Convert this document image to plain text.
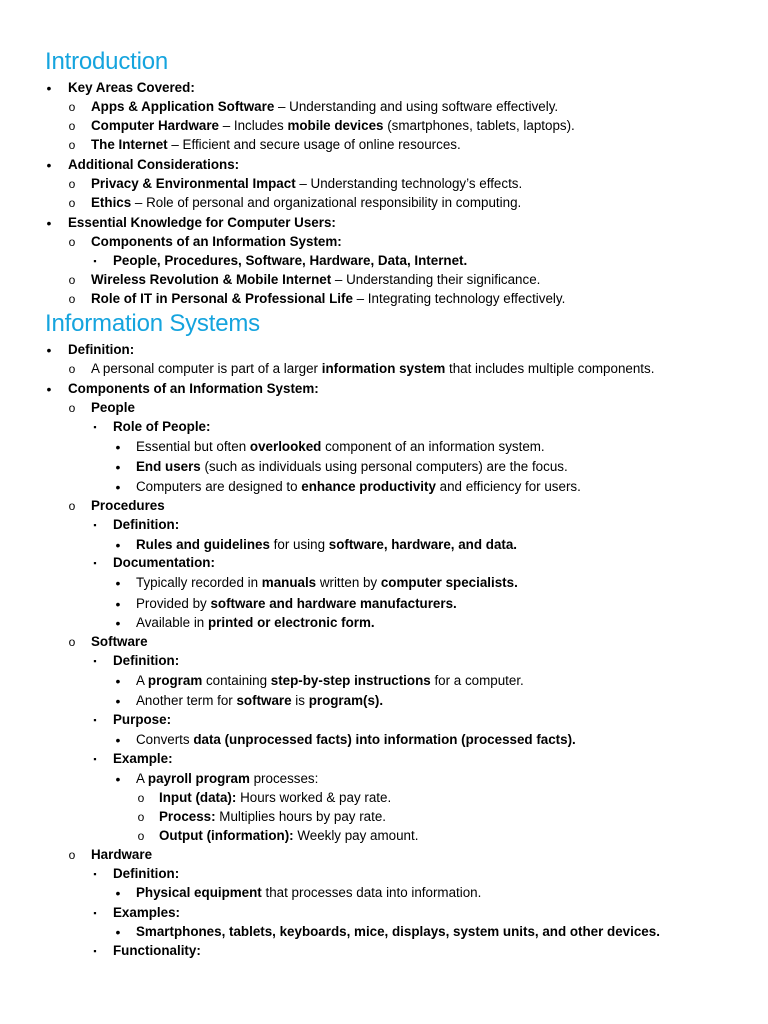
Introduction
•	Key Areas Covered:
o Apps & Application Software – Understanding and using software effectively.
o Computer Hardware – Includes mobile devices (smartphones, tablets, laptops).
o The Internet – Efficient and secure usage of online resources.
•	Additional Considerations:
o Privacy & Environmental Impact – Understanding technology’s effects.
o Ethics – Role of personal and organizational responsibility in computing.
•	Essential Knowledge for Computer Users:
o Components of an Information System:
▪	People, Procedures, Software, Hardware, Data, Internet.
o Wireless Revolution & Mobile Internet – Understanding their significance.
o Role of IT in Personal & Professional Life – Integrating technology effectively.
Information Systems
•	Definition:
o A personal computer is part of a larger information system that includes multiple components.
•	Components of an Information System:
o People
▪	Role of People:
•	Essential but often overlooked component of an information system.
•	End users (such as individuals using personal computers) are the focus.
•	Computers are designed to enhance productivity and efficiency for users.
o Procedures
▪	Definition:
•	Rules and guidelines for using software, hardware, and data.
▪	Documentation:
•	Typically recorded in manuals written by computer specialists.
•	Provided by software and hardware manufacturers.
•	Available in printed or electronic form.
o Software
▪	Definition:
•	A program containing step-by-step instructions for a computer.
•	Another term for software is program(s).
▪	Purpose:
•	Converts data (unprocessed facts) into information (processed facts).
▪	Example:
•	A payroll program processes:
o Input (data): Hours worked & pay rate.
o Process: Multiplies hours by pay rate.
o Output (information): Weekly pay amount.
o Hardware
▪	Definition:
•	Physical equipment that processes data into information.
▪	Examples:
•	Smartphones, tablets, keyboards, mice, displays, system units, and other devices.
▪	Functionality:
